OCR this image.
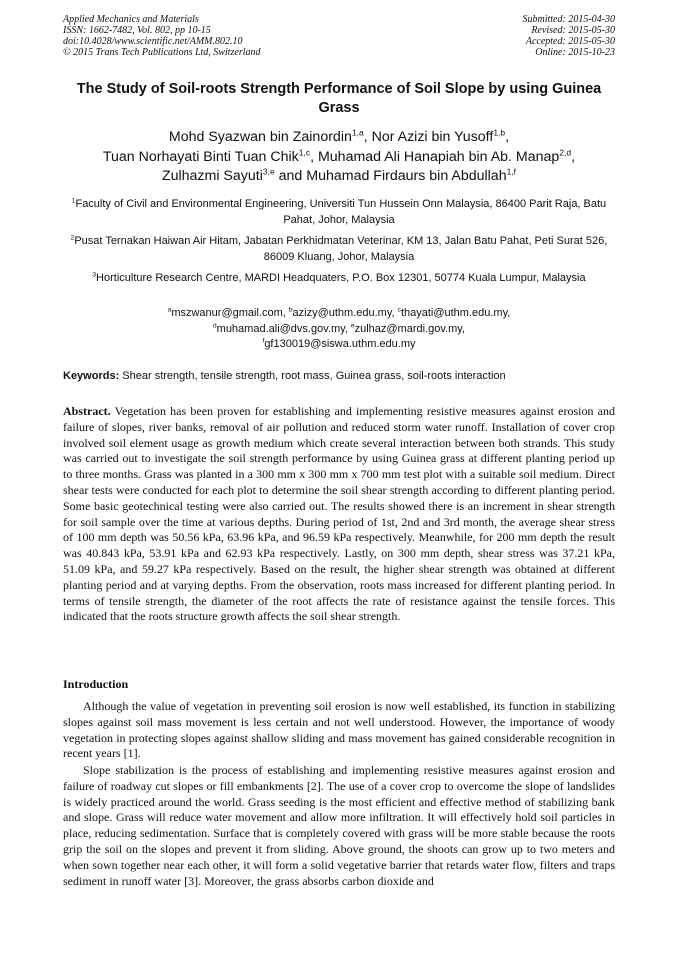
Applied Mechanics and Materials
ISSN: 1662-7482, Vol. 802, pp 10-15
doi:10.4028/www.scientific.net/AMM.802.10
© 2015 Trans Tech Publications Ltd, Switzerland
Submitted: 2015-04-30
Revised: 2015-05-30
Accepted: 2015-05-30
Online: 2015-10-23
The Study of Soil-roots Strength Performance of Soil Slope by using Guinea Grass
Mohd Syazwan bin Zainordin$^{1,a}$, Nor Azizi bin Yusoff$^{1,b}$,
Tuan Norhayati Binti Tuan Chik$^{1,c}$, Muhamad Ali Hanapiah bin Ab. Manap$^{2,d}$,
Zulhazmi Sayuti$^{3,e}$ and Muhamad Firdaurs bin Abdullah$^{1,f}$
$^1$Faculty of Civil and Environmental Engineering, Universiti Tun Hussein Onn Malaysia, 86400 Parit Raja, Batu Pahat, Johor, Malaysia
$^2$Pusat Ternakan Haiwan Air Hitam, Jabatan Perkhidmatan Veterinar, KM 13, Jalan Batu Pahat, Peti Surat 526, 86009 Kluang, Johor, Malaysia
$^3$Horticulture Research Centre, MARDI Headquaters, P.O. Box 12301, 50774 Kuala Lumpur, Malaysia
$^a$mszwanur@gmail.com, $^b$azizy@uthm.edu.my, $^c$thayati@uthm.edu.my,
$^d$muhamad.ali@dvs.gov.my, $^e$zulhaz@mardi.gov.my,
$^f$gf130019@siswa.uthm.edu.my
Keywords: Shear strength, tensile strength, root mass, Guinea grass, soil-roots interaction
Abstract. Vegetation has been proven for establishing and implementing resistive measures against erosion and failure of slopes, river banks, removal of air pollution and reduced storm water runoff. Installation of cover crop involved soil element usage as growth medium which create several interaction between both strands. This study was carried out to investigate the soil strength performance by using Guinea grass at different planting period up to three months. Grass was planted in a 300 mm x 300 mm x 700 mm test plot with a suitable soil medium. Direct shear tests were conducted for each plot to determine the soil shear strength according to different planting period. Some basic geotechnical testing were also carried out. The results showed there is an increment in shear strength for soil sample over the time at various depths. During period of 1st, 2nd and 3rd month, the average shear stress of 100 mm depth was 50.56 kPa, 63.96 kPa, and 96.59 kPa respectively. Meanwhile, for 200 mm depth the result was 40.843 kPa, 53.91 kPa and 62.93 kPa respectively. Lastly, on 300 mm depth, shear stress was 37.21 kPa, 51.09 kPa, and 59.27 kPa respectively. Based on the result, the higher shear strength was obtained at different planting period and at varying depths. From the observation, roots mass increased for different planting period. In terms of tensile strength, the diameter of the root affects the rate of resistance against the tensile forces. This indicated that the roots structure growth affects the soil shear strength.
Introduction
Although the value of vegetation in preventing soil erosion is now well established, its function in stabilizing slopes against soil mass movement is less certain and not well understood. However, the importance of woody vegetation in protecting slopes against shallow sliding and mass movement has gained considerable recognition in recent years [1].
Slope stabilization is the process of establishing and implementing resistive measures against erosion and failure of roadway cut slopes or fill embankments [2]. The use of a cover crop to overcome the slope of landslides is widely practiced around the world. Grass seeding is the most efficient and effective method of stabilizing bank and slope. Grass will reduce water movement and allow more infiltration. It will effectively hold soil particles in place, reducing sedimentation. Surface that is completely covered with grass will be more stable because the roots grip the soil on the slopes and prevent it from sliding. Above ground, the shoots can grow up to two meters and when sown together near each other, it will form a solid vegetative barrier that retards water flow, filters and traps sediment in runoff water [3]. Moreover, the grass absorbs carbon dioxide and
